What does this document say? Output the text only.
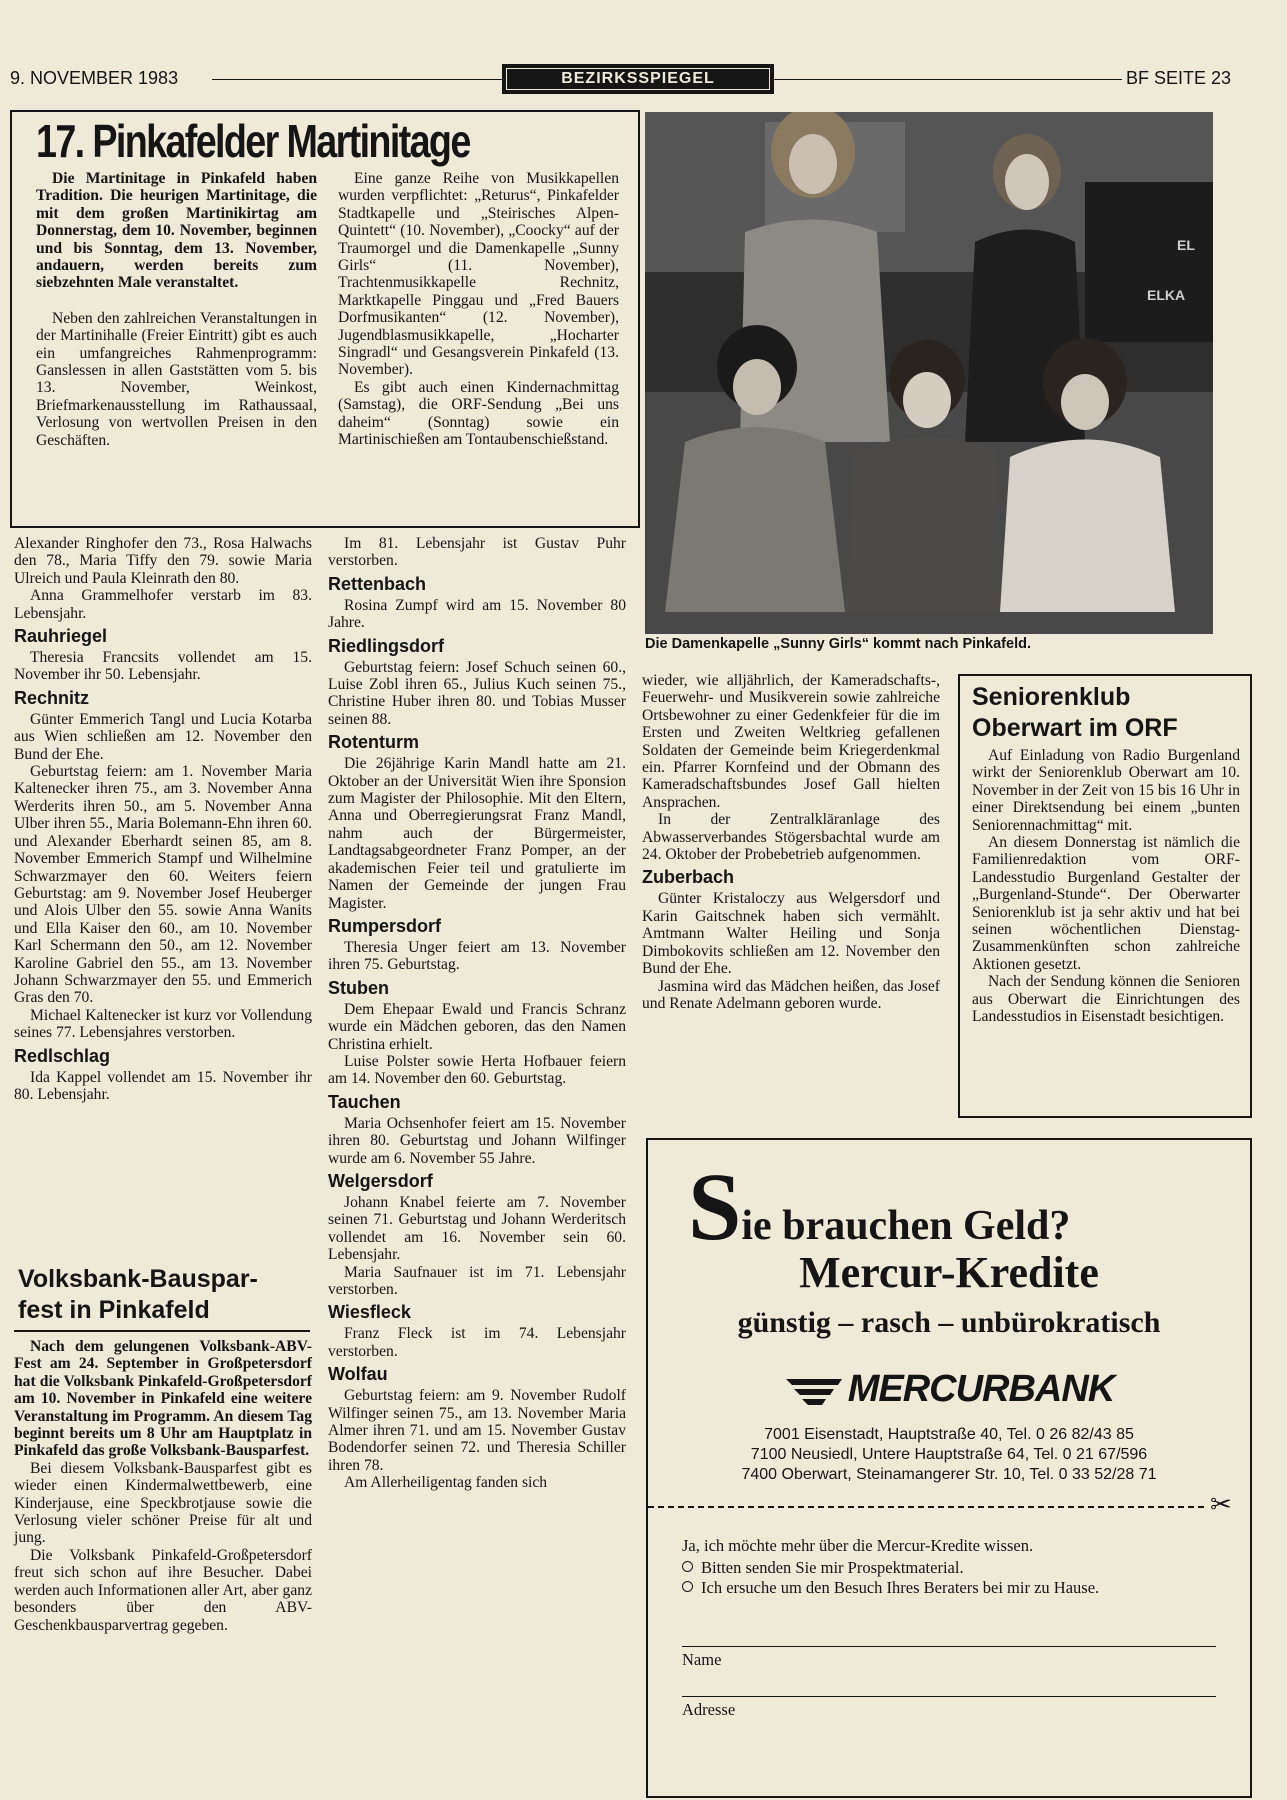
9. NOVEMBER 1983	BEZIRKSSPIEGEL	BF SEITE 23
17. Pinkafelder Martinitage

Die Martinitage in Pinkafeld haben Tradition. Die heurigen Martinitage, die mit dem großen Martinikirtag am Donnerstag, dem 10. November, beginnen und bis Sonntag, dem 13. November, andauern, werden bereits zum siebzehnten Male veranstaltet.

Neben den zahlreichen Veranstaltungen in der Martinihalle (Freier Eintritt) gibt es auch ein umfangreiches Rahmenprogramm: Ganslessen in allen Gaststätten vom 5. bis 13. November, Weinkost, Briefmarkenausstellung im Rathaussaal, Verlosung von wertvollen Preisen in den Geschäften.

Eine ganze Reihe von Musikkapellen wurden verpflichtet: „Returus“, Pinkafelder Stadtkapelle und „Steirisches Alpen-Quintett“ (10. November), „Coocky“ auf der Traumorgel und die Damenkapelle „Sunny Girls“ (11. November), Trachtenmusikkapelle Rechnitz, Marktkapelle Pinggau und „Fred Bauers Dorfmusikanten“ (12. November), Jugendblasmusikkapelle, „Hocharter Singradl“ und Gesangsverein Pinkafeld (13. November).

Es gibt auch einen Kindernachmittag (Samstag), die ORF-Sendung „Bei uns daheim“ (Sonntag) sowie ein Martinischießen am Tontaubenschießstand.

EL
ELKA
Die Damenkapelle „Sunny Girls“ kommt nach Pinkafeld.

Alexander Ringhofer den 73., Rosa Halwachs den 78., Maria Tiffy den 79. sowie Maria Ulreich und Paula Kleinrath den 80.

Anna Grammelhofer verstarb im 83. Lebensjahr.

Rauhriegel

Theresia Francsits vollendet am 15. November ihr 50. Lebensjahr.

Rechnitz

Günter Emmerich Tangl und Lucia Kotarba aus Wien schließen am 12. November den Bund der Ehe.

Geburtstag feiern: am 1. November Maria Kaltenecker ihren 75., am 3. November Anna Werderits ihren 50., am 5. November Anna Ulber ihren 55., Maria Bolemann-Ehn ihren 60. und Alexander Eberhardt seinen 85, am 8. November Emmerich Stampf und Wilhelmine Schwarzmayer den 60. Weiters feiern Geburtstag: am 9. November Josef Heuberger und Alois Ulber den 55. sowie Anna Wanits und Ella Kaiser den 60., am 10. November Karl Schermann den 50., am 12. November Karoline Gabriel den 55., am 13. November Johann Schwarzmayer den 55. und Emmerich Gras den 70.

Michael Kaltenecker ist kurz vor Vollendung seines 77. Lebensjahres verstorben.

Redlschlag

Ida Kappel vollendet am 15. November ihr 80. Lebensjahr.

Volksbank-Bauspar-
fest in Pinkafeld

Nach dem gelungenen Volksbank-ABV-Fest am 24. September in Großpetersdorf hat die Volksbank Pinkafeld-Großpetersdorf am 10. November in Pinkafeld eine weitere Veranstaltung im Programm. An diesem Tag beginnt bereits um 8 Uhr am Hauptplatz in Pinkafeld das große Volksbank-Bausparfest.

Bei diesem Volksbank-Bausparfest gibt es wieder einen Kindermalwettbewerb, eine Kinderjause, eine Speckbrotjause sowie die Verlosung vieler schöner Preise für alt und jung.

Die Volksbank Pinkafeld-Großpetersdorf freut sich schon auf ihre Besucher. Dabei werden auch Informationen aller Art, aber ganz besonders über den ABV-Geschenkbausparvertrag gegeben.

Im 81. Lebensjahr ist Gustav Puhr verstorben.

Rettenbach

Rosina Zumpf wird am 15. November 80 Jahre.

Riedlingsdorf

Geburtstag feiern: Josef Schuch seinen 60., Luise Zobl ihren 65., Julius Kuch seinen 75., Christine Huber ihren 80. und Tobias Musser seinen 88.

Rotenturm

Die 26jährige Karin Mandl hatte am 21. Oktober an der Universität Wien ihre Sponsion zum Magister der Philosophie. Mit den Eltern, Anna und Oberregierungsrat Franz Mandl, nahm auch der Bürgermeister, Landtagsabgeordneter Franz Pomper, an der akademischen Feier teil und gratulierte im Namen der Gemeinde der jungen Frau Magister.

Rumpersdorf

Theresia Unger feiert am 13. November ihren 75. Geburtstag.

Stuben

Dem Ehepaar Ewald und Francis Schranz wurde ein Mädchen geboren, das den Namen Christina erhielt.

Luise Polster sowie Herta Hofbauer feiern am 14. November den 60. Geburtstag.

Tauchen

Maria Ochsenhofer feiert am 15. November ihren 80. Geburtstag und Johann Wilfinger wurde am 6. November 55 Jahre.

Welgersdorf

Johann Knabel feierte am 7. November seinen 71. Geburtstag und Johann Werderitsch vollendet am 16. November sein 60. Lebensjahr.

Maria Saufnauer ist im 71. Lebensjahr verstorben.

Wiesfleck

Franz Fleck ist im 74. Lebensjahr verstorben.

Wolfau

Geburtstag feiern: am 9. November Rudolf Wilfinger seinen 75., am 13. November Maria Almer ihren 71. und am 15. November Gustav Bodendorfer seinen 72. und Theresia Schiller ihren 78.

Am Allerheiligentag fanden sich

wieder, wie alljährlich, der Kameradschafts-, Feuerwehr- und Musikverein sowie zahlreiche Ortsbewohner zu einer Gedenkfeier für die im Ersten und Zweiten Weltkrieg gefallenen Soldaten der Gemeinde beim Kriegerdenkmal ein. Pfarrer Kornfeind und der Obmann des Kameradschaftsbundes Josef Gall hielten Ansprachen.

In der Zentralkläranlage des Abwasserverbandes Stögersbachtal wurde am 24. Oktober der Probebetrieb aufgenommen.

Zuberbach

Günter Kristaloczy aus Welgersdorf und Karin Gaitschnek haben sich vermählt. Amtmann Walter Heiling und Sonja Dimbokovits schließen am 12. November den Bund der Ehe.

Jasmina wird das Mädchen heißen, das Josef und Renate Adelmann geboren wurde.

Seniorenklub
Oberwart im ORF

Auf Einladung von Radio Burgenland wirkt der Seniorenklub Oberwart am 10. November in der Zeit von 15 bis 16 Uhr in einer Direktsendung bei einem „bunten Seniorennachmittag“ mit.

An diesem Donnerstag ist nämlich die Familienredaktion vom ORF-Landesstudio Burgenland Gestalter der „Burgenland-Stunde“. Der Oberwarter Seniorenklub ist ja sehr aktiv und hat bei seinen wöchentlichen Dienstag-Zusammenkünften schon zahlreiche Aktionen gesetzt.

Nach der Sendung können die Senioren aus Oberwart die Einrichtungen des Landesstudios in Eisenstadt besichtigen.

Sie brauchen Geld?
Mercur-Kredite
günstig – rasch – unbürokratisch
MERCURBANK
7001 Eisenstadt, Hauptstraße 40, Tel. 0 26 82/43 85
7100 Neusiedl, Untere Hauptstraße 64, Tel. 0 21 67/596
7400 Oberwart, Steinamangerer Str. 10, Tel. 0 33 52/28 71
✂
Ja, ich möchte mehr über die Mercur-Kredite wissen.
Bitten senden Sie mir Prospektmaterial.
Ich ersuche um den Besuch Ihres Beraters bei mir zu Hause.
Name
Adresse
